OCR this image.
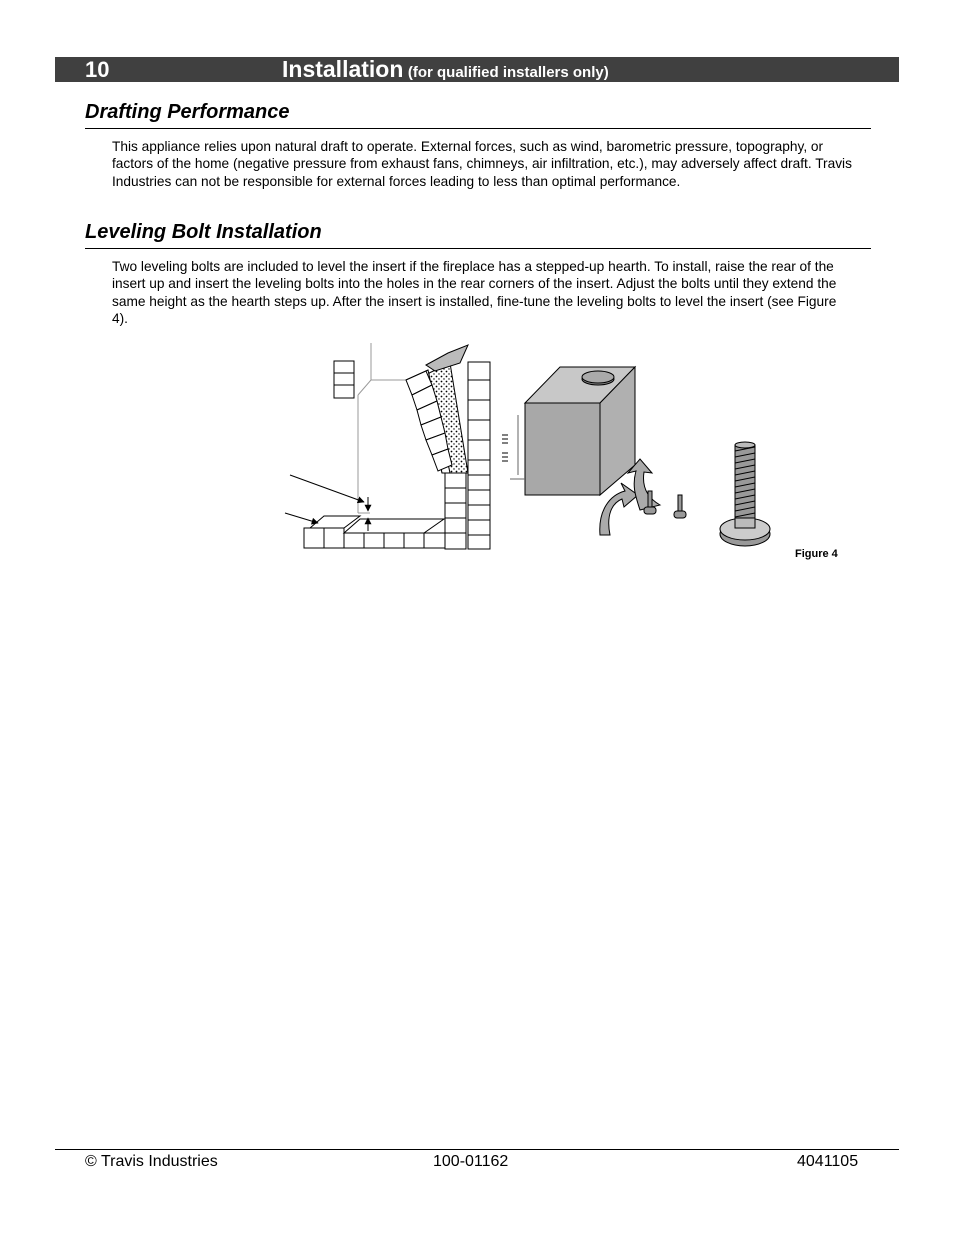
10	Installation (for qualified installers only)
Drafting Performance
This appliance relies upon natural draft to operate. External forces, such as wind, barometric pressure, topography, or factors of the home (negative pressure from exhaust fans, chimneys, air infiltration, etc.), may adversely affect draft. Travis Industries can not be responsible for external forces leading to less than optimal performance.
Leveling Bolt Installation
Two leveling bolts are included to level the insert if the fireplace has a stepped-up hearth. To install, raise the rear of the insert up and insert the leveling bolts into the holes in the rear corners of the insert. Adjust the bolts until they extend the same height as the hearth steps up. After the insert is installed, fine-tune the leveling bolts to level the insert (see Figure 4).
Figure 4
© Travis Industries	100-01162	4041105
